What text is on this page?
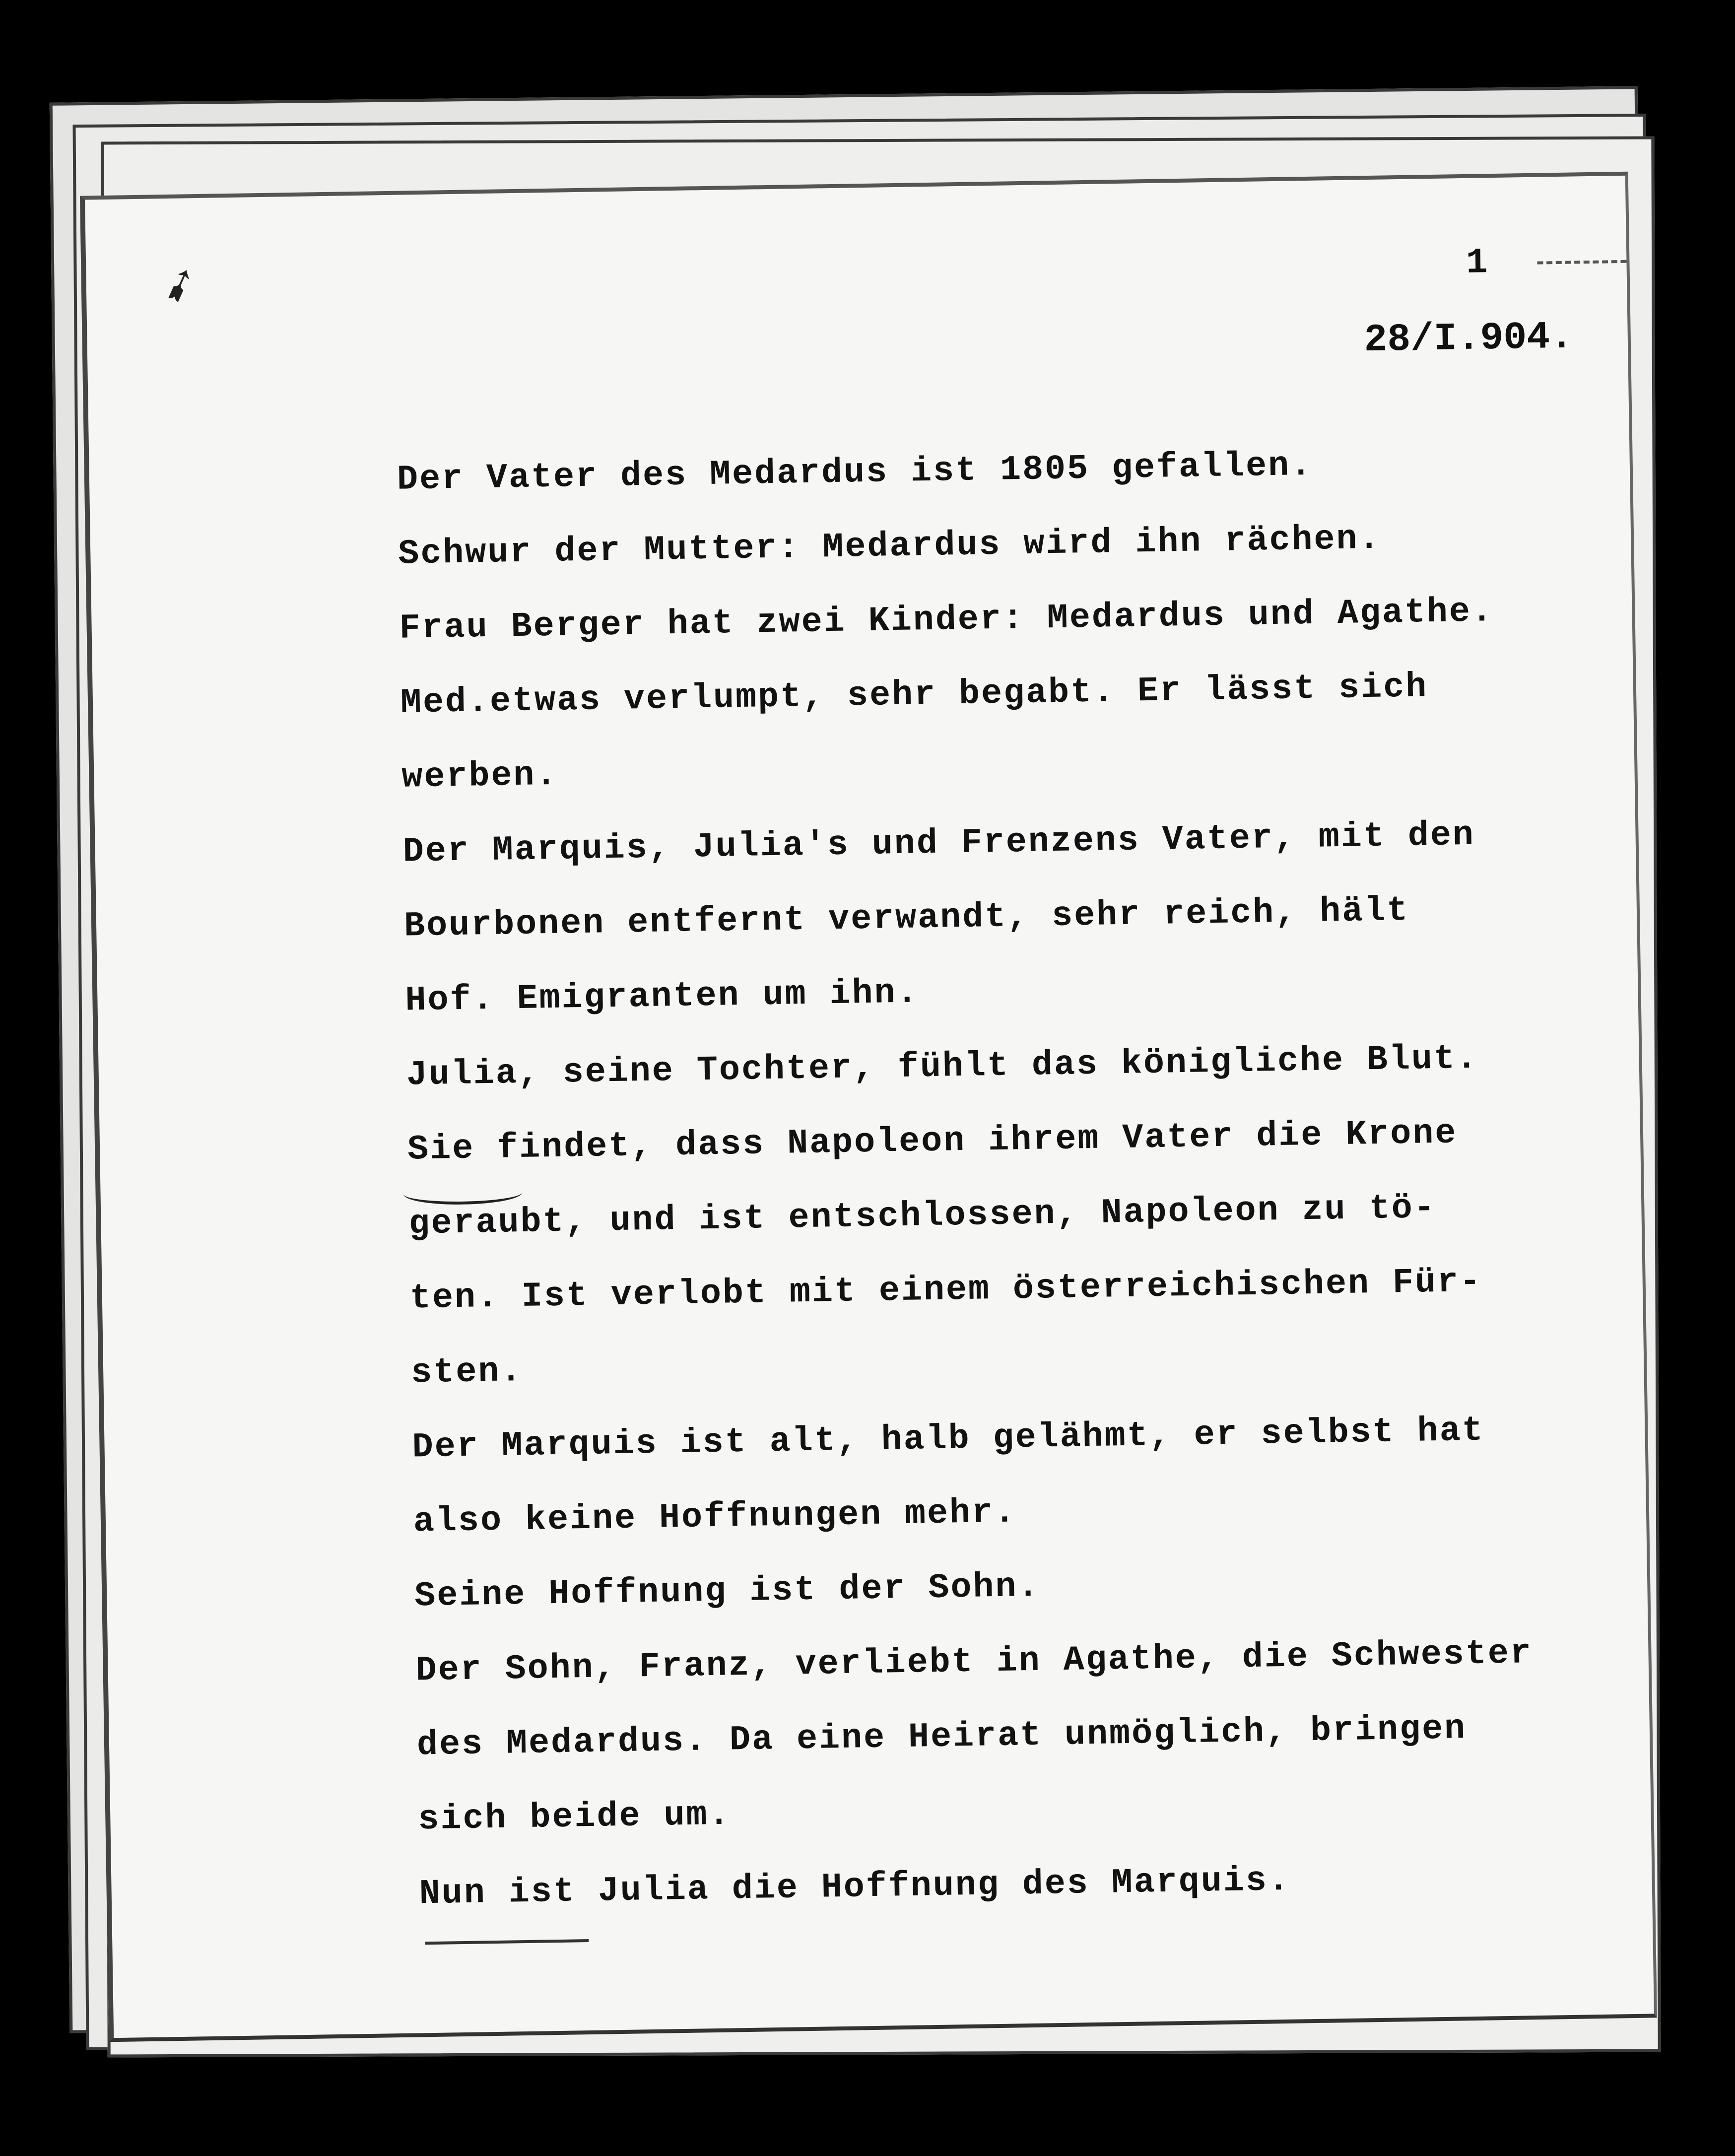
➹	1
28/I.904.
Der Vater des Medardus ist 1805 gefallen.
Schwur der Mutter: Medardus wird ihn rächen.
Frau Berger hat zwei Kinder: Medardus und Agathe.
Med.etwas verlumpt, sehr begabt. Er lässt sich
werben.
Der Marquis, Julia's und Frenzens Vater, mit den
Bourbonen entfernt verwandt, sehr reich, hält
Hof. Emigranten um ihn.
Julia, seine Tochter, fühlt das königliche Blut.
Sie findet, dass Napoleon ihrem Vater die Krone
geraubt, und ist entschlossen, Napoleon zu tö-
ten. Ist verlobt mit einem österreichischen Für-
sten.
Der Marquis ist alt, halb gelähmt, er selbst hat
also keine Hoffnungen mehr.
Seine Hoffnung ist der Sohn.
Der Sohn, Franz, verliebt in Agathe, die Schwester
des Medardus. Da eine Heirat unmöglich, bringen
sich beide um.
Nun ist Julia die Hoffnung des Marquis.
